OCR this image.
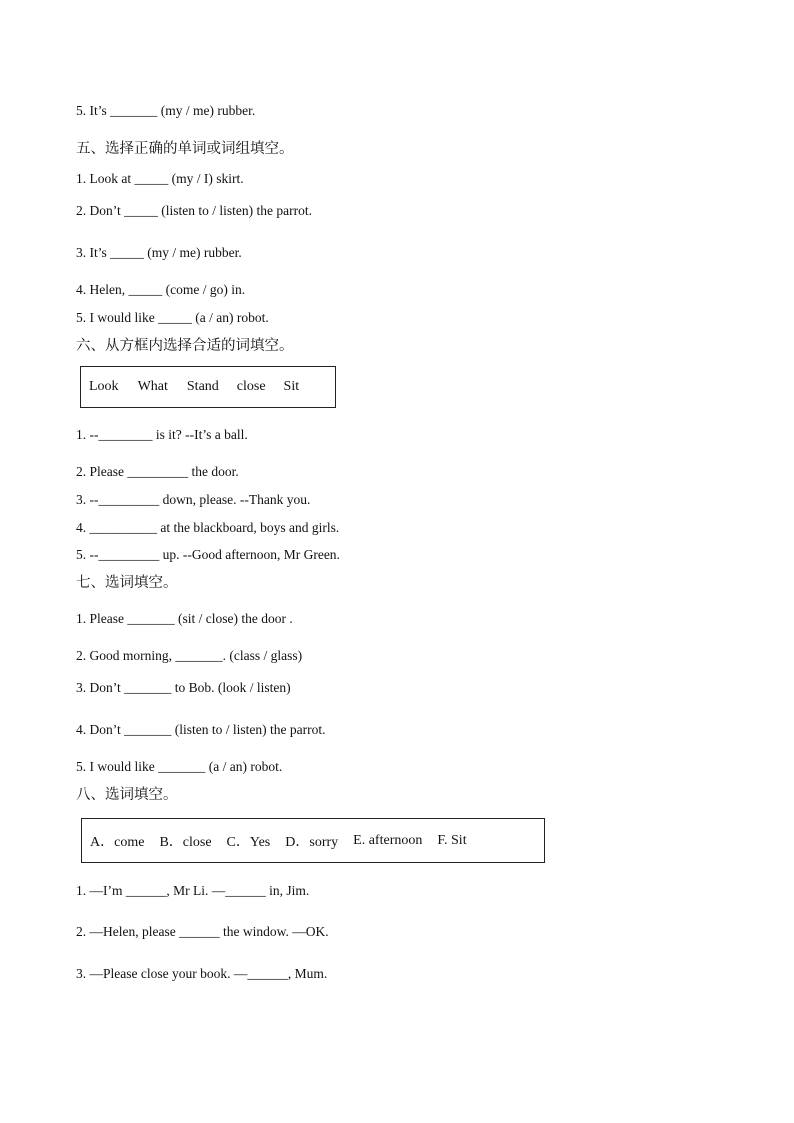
5. It’s _______ (my / me) rubber.
五、选择正确的单词或词组填空。
1. Look at _____ (my / I) skirt.
2. Don’t _____ (listen to / listen) the parrot.
3. It’s _____ (my / me) rubber.
4. Helen, _____ (come / go) in.
5. I would like _____ (a / an) robot.
六、从方框内选择合适的词填空。
Look What Stand close Sit
1. --________ is it? --It’s a ball.
2. Please _________ the door.
3. --_________ down, please. --Thank you.
4. __________ at the blackboard, boys and girls.
5. --_________ up. --Good afternoon, Mr Green.
七、选词填空。
1. Please _______ (sit / close) the door .
2. Good morning, _______. (class / glass)
3. Don’t _______ to Bob. (look / listen)
4. Don’t _______ (listen to / listen) the parrot.
5. I would like _______ (a / an) robot.
八、选词填空。
A．come B．close C．Yes D．sorry E. afternoon F. Sit
1. —I’m ______, Mr Li. —______ in, Jim.
2. —Helen, please ______ the window. —OK.
3. —Please close your book. —______, Mum.
